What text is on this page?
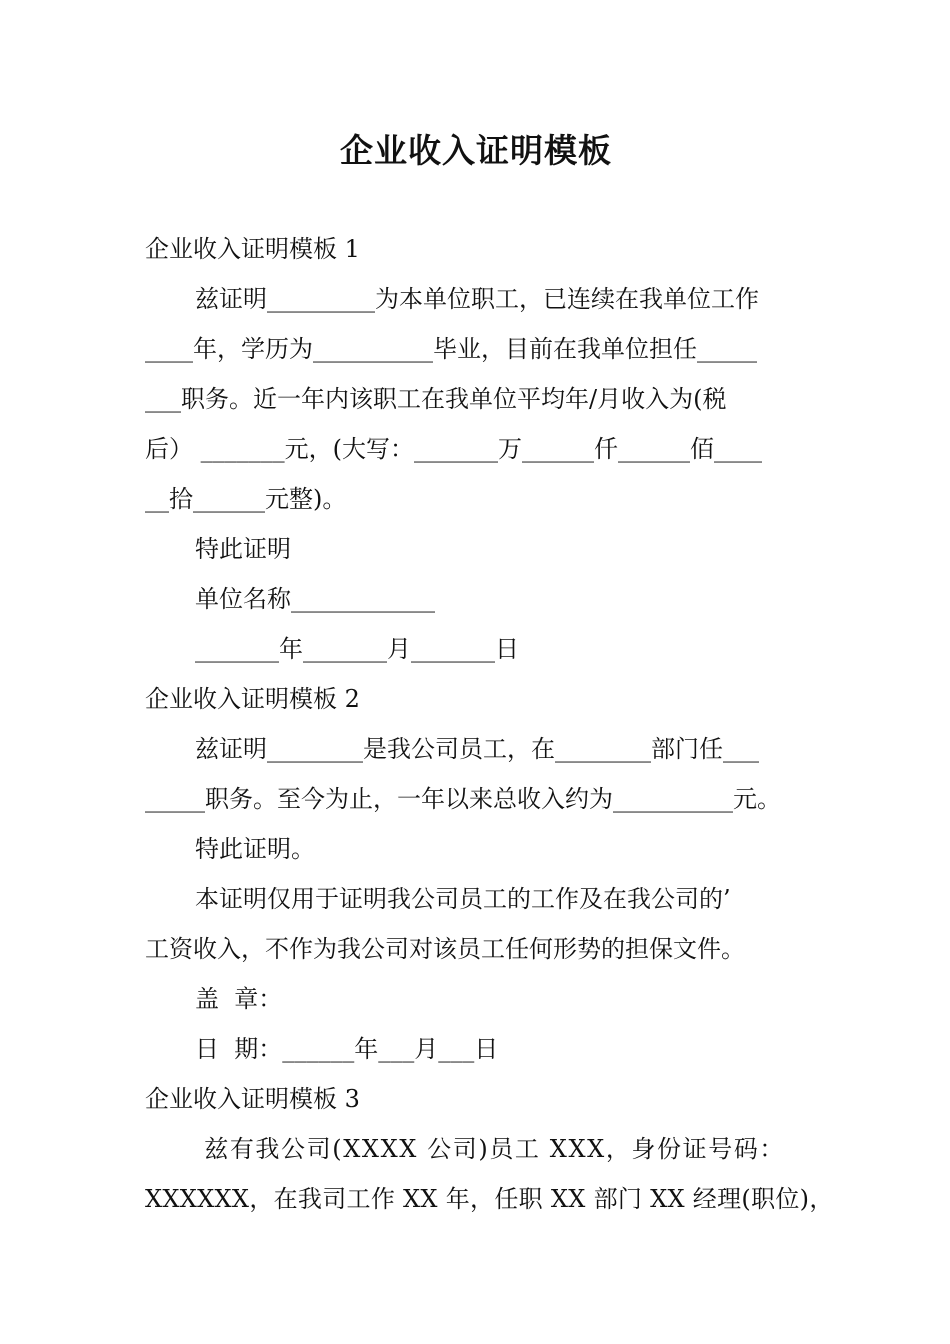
企业收入证明模板
企业收入证明模板 1
兹证明_________为本单位职工，已连续在我单位工作
____年，学历为__________毕业，目前在我单位担任_____
___职务。近一年内该职工在我单位平均年/月收入为(税
后） _______元，(大写：_______万______仟______佰____
__拾______元整)。
特此证明
单位名称____________
_______年_______月_______日
企业收入证明模板 2
兹证明________是我公司员工，在________部门任___
_____职务。至今为止，一年以来总收入约为__________元。
特此证明。
本证明仅用于证明我公司员工的工作及在我公司的’
工资收入，不作为我公司对该员工任何形势的担保文件。
盖  章：
日  期：______年___月___日
企业收入证明模板 3
兹有我公司(XXXX 公司)员工 XXX，身份证号码：
XXXXXX，在我司工作 XX 年，任职 XX 部门 XX 经理(职位)，
